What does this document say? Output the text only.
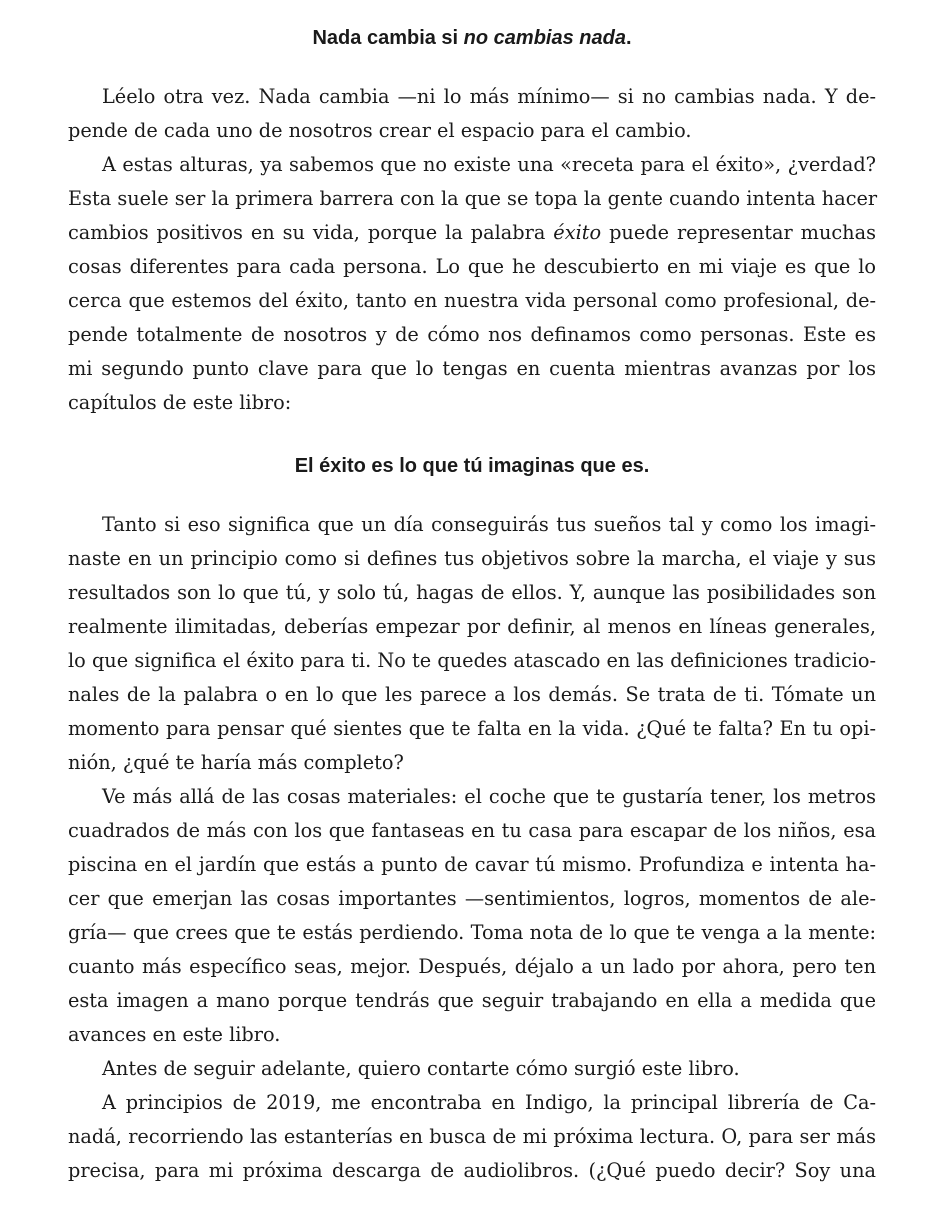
Nada cambia si no cambias nada.
Léelo otra vez. Nada cambia —ni lo más mínimo— si no cambias nada. Y de-
pende de cada uno de nosotros crear el espacio para el cambio.
A estas alturas, ya sabemos que no existe una «receta para el éxito», ¿verdad?
Esta suele ser la primera barrera con la que se topa la gente cuando intenta hacer
cambios positivos en su vida, porque la palabra éxito puede representar muchas
cosas diferentes para cada persona. Lo que he descubierto en mi viaje es que lo
cerca que estemos del éxito, tanto en nuestra vida personal como profesional, de-
pende totalmente de nosotros y de cómo nos definamos como personas. Este es
mi segundo punto clave para que lo tengas en cuenta mientras avanzas por los
capítulos de este libro:
El éxito es lo que tú imaginas que es.
Tanto si eso significa que un día conseguirás tus sueños tal y como los imagi-
naste en un principio como si defines tus objetivos sobre la marcha, el viaje y sus
resultados son lo que tú, y solo tú, hagas de ellos. Y, aunque las posibilidades son
realmente ilimitadas, deberías empezar por definir, al menos en líneas generales,
lo que significa el éxito para ti. No te quedes atascado en las definiciones tradicio-
nales de la palabra o en lo que les parece a los demás. Se trata de ti. Tómate un
momento para pensar qué sientes que te falta en la vida. ¿Qué te falta? En tu opi-
nión, ¿qué te haría más completo?
Ve más allá de las cosas materiales: el coche que te gustaría tener, los metros
cuadrados de más con los que fantaseas en tu casa para escapar de los niños, esa
piscina en el jardín que estás a punto de cavar tú mismo. Profundiza e intenta ha-
cer que emerjan las cosas importantes —sentimientos, logros, momentos de ale-
gría— que crees que te estás perdiendo. Toma nota de lo que te venga a la mente:
cuanto más específico seas, mejor. Después, déjalo a un lado por ahora, pero ten
esta imagen a mano porque tendrás que seguir trabajando en ella a medida que
avances en este libro.
Antes de seguir adelante, quiero contarte cómo surgió este libro.
A principios de 2019, me encontraba en Indigo, la principal librería de Ca-
nadá, recorriendo las estanterías en busca de mi próxima lectura. O, para ser más
precisa, para mi próxima descarga de audiolibros. (¿Qué puedo decir? Soy una
